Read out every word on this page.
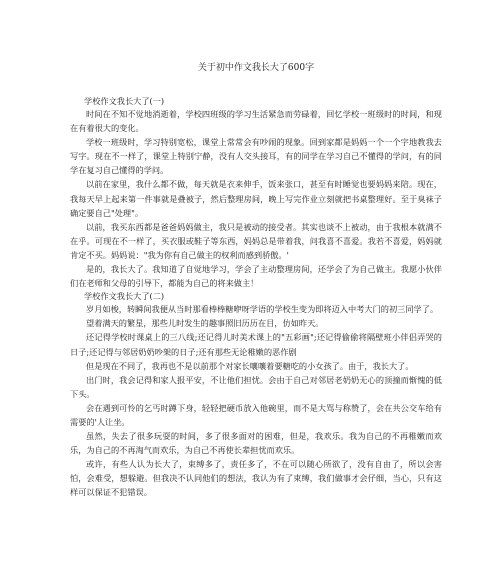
关于初中作文我长大了600字
学校作文我长大了(一)
时间在不知不觉地消逝着，学校四班级的学习生活紧急而劳碌着，回忆学校一班级时的时间，和现在有着很大的变化。
学校一班级时，学习特别宽松，课堂上常常会有吵闹的现象。回到家都是妈妈一个一个字地教我去写字。现在不一样了，课堂上特别宁静，没有人交头接耳，有的同学在学习自己不懂得的学问，有的同学在复习自己懂得的学问。
以前在家里，我什么都不做，每天就是衣来伸手，饭来张口，甚至有时睡觉也要妈妈来陪。现在，我每天早上起来第一件事就是叠被子，然后整理房间，晚上写完作业立刻就把书桌整理好。至于臭袜子确定要自己"处理"。
以前，我买东西都是爸爸妈妈做主，我只是被动的接受者。其实也谈不上被动，由于我根本就满不在乎。可现在不一样了，买衣服或鞋子等东西，妈妈总是带着我，问我喜不喜爱。我若不喜爱，妈妈就肯定不买。妈妈说："我为你有自己做主的权利而感到骄傲。'
是的，我长大了。我知道了自觉地学习，学会了主动整理房间，还学会了为自己做主。我愿小伙伴们在老师和父母的引导下，都能为自己的将来做主！
学校作文我长大了(二)
岁月如梭，转瞬间我便从当时那看棒棒糖咿呀学语的学校生变为即将迈入中考大门的初三同学了。
望着满天的繁星，那些儿时发生的趣事照旧历历在目，仿如昨天。
还记得学校时课桌上的三八线;还记得儿时美术课上的"五彩画";还记得偷偷将隔壁班小伴侣弄哭的日子;还记得与邻居奶奶吵架的日子;还有那些无论稚嫩的恶作剧
但是现在不同了，我再也不是以前那个对家长嚷嚷着要糖吃的小女孩了。由于，我长大了。
出门时，我会记得和家人报平安，不让他们担忧。会由于自己对邻居老奶奶无心的顶撞而惭愧的低下头。
会在遇到可怜的乞丐时蹲下身，轻轻把硬币放入他碗里，而不是大骂与称赞了，会在共公交车给有需要的'人让坐。
虽然，失去了很多玩耍的时间，多了很多面对的困难，但是，我欢乐。我为自己的不再稚嫩而欢乐，为自己的不再淘气而欢乐，为自己不再使长辈担忧而欢乐。
或许，有些人认为长大了，束缚多了，责任多了，不在可以随心所欲了，没有自由了，所以会害怕，会难受，想躲避。但我决不认同他们的想法，我认为有了束缚，我们做事才会仔细，当心，只有这样可以保证不犯错误。
